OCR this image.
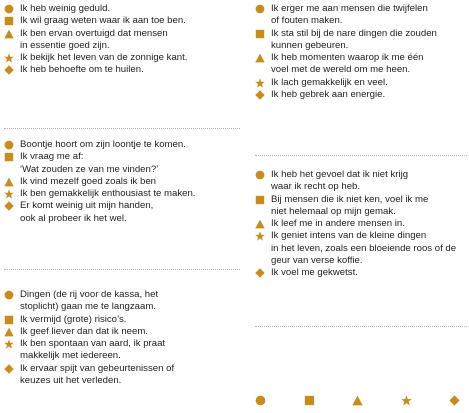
Ik heb weinig geduld.
Ik wil graag weten waar ik aan toe ben.
Ik ben ervan overtuigd dat mensen
in essentie goed zijn.
Ik bekijk het leven van de zonnige kant.
Ik heb behoefte om te huilen.
Boontje hoort om zijn loontje te komen.
Ik vraag me af:
‘Wat zouden ze van me vinden?’
Ik vind mezelf goed zoals ik ben
Ik ben gemakkelijk enthousiast te maken.
Er komt weinig uit mijn handen,
ook al probeer ik het wel.
Dingen (de rij voor de kassa, het
stoplicht) gaan me te langzaam.
Ik vermijd (grote) risico’s.
Ik geef liever dan dat ik neem.
Ik ben spontaan van aard, ik praat
makkelijk met iedereen.
Ik ervaar spijt van gebeurtenissen of
keuzes uit het verleden.
Ik erger me aan mensen die twijfelen
of fouten maken.
Ik sta stil bij de nare dingen die zouden
kunnen gebeuren.
Ik heb momenten waarop ik me één
voel met de wereld om me heen.
Ik lach gemakkelijk en veel.
Ik heb gebrek aan energie.
Ik heb het gevoel dat ik niet krijg
waar ik recht op heb.
Bij mensen die ik niet ken, voel ik me
niet helemaal op mijn gemak.
Ik leef me in andere mensen in.
Ik geniet intens van de kleine dingen
in het leven, zoals een bloeiende roos of de
geur van verse koffie.
Ik voel me gekwetst.
